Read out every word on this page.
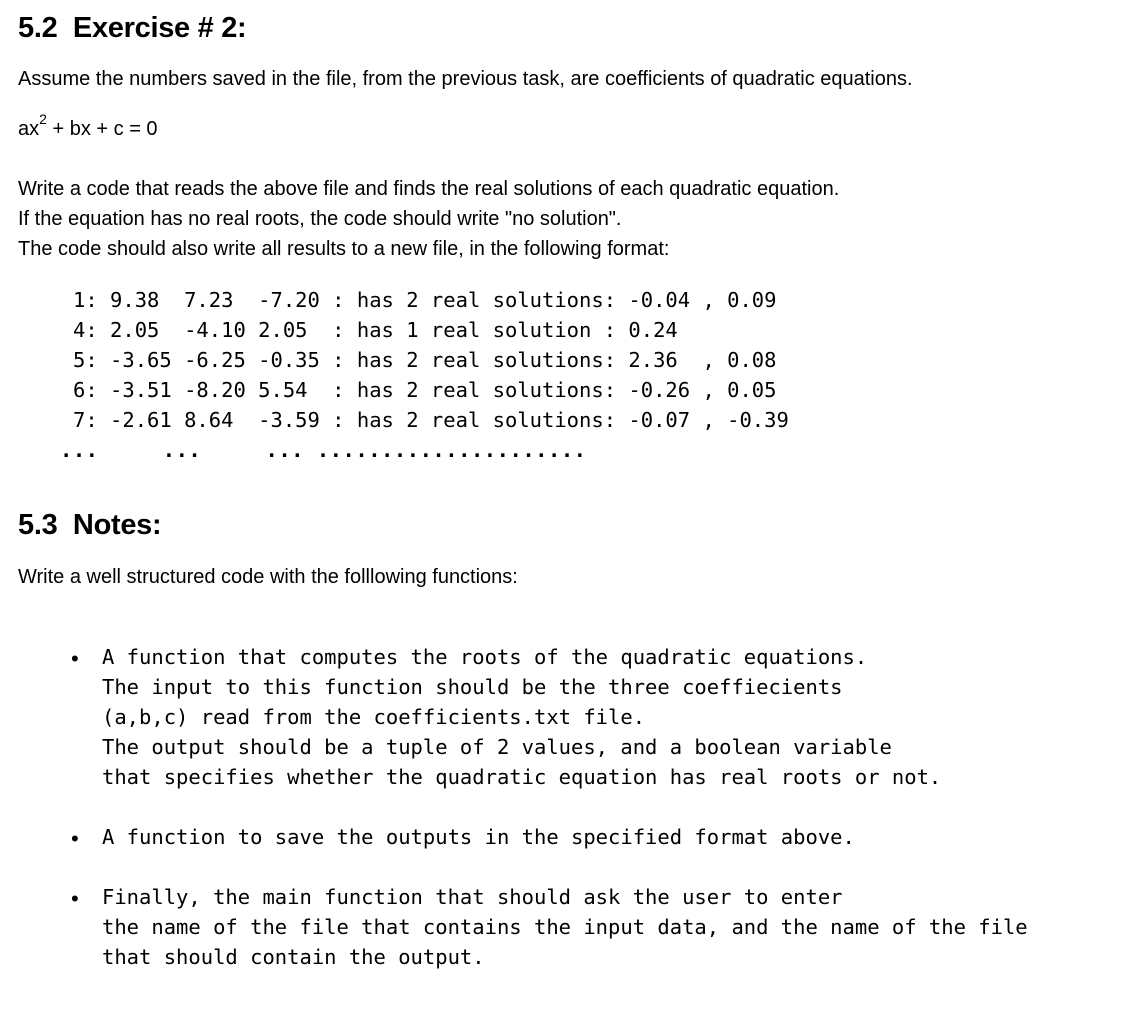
5.2  Exercise # 2:

Assume the numbers saved in the file, from the previous task, are coefficients of quadratic equations.

$ax^2$ + bx + c = 0

Write a code that reads the above file and finds the real solutions of each quadratic equation.

If the equation has no real roots, the code should write "no solution".

The code should also write all results to a new file, in the following format:

1: 9.38  7.23  -7.20 : has 2 real solutions: -0.04 , 0.09

4: 2.05  -4.10 2.05  : has 1 real solution : 0.24

5: -3.65 -6.25 -0.35 : has 2 real solutions: 2.36  , 0.08

6: -3.51 -8.20 5.54  : has 2 real solutions: -0.26 , 0.05

7: -2.61 8.64  -3.59 : has 2 real solutions: -0.07 , -0.39

...     ...     ... .....................

5.3  Notes:

Write a well structured code with the folllowing functions:

• A function that computes the roots of the quadratic equations.

The input to this function should be the three coeffiecients

(a,b,c) read from the coefficients.txt file.

The output should be a tuple of 2 values, and a boolean variable

that specifies whether the quadratic equation has real roots or not.

• A function to save the outputs in the specified format above.

• Finally, the main function that should ask the user to enter

the name of the file that contains the input data, and the name of the file

that should contain the output.
